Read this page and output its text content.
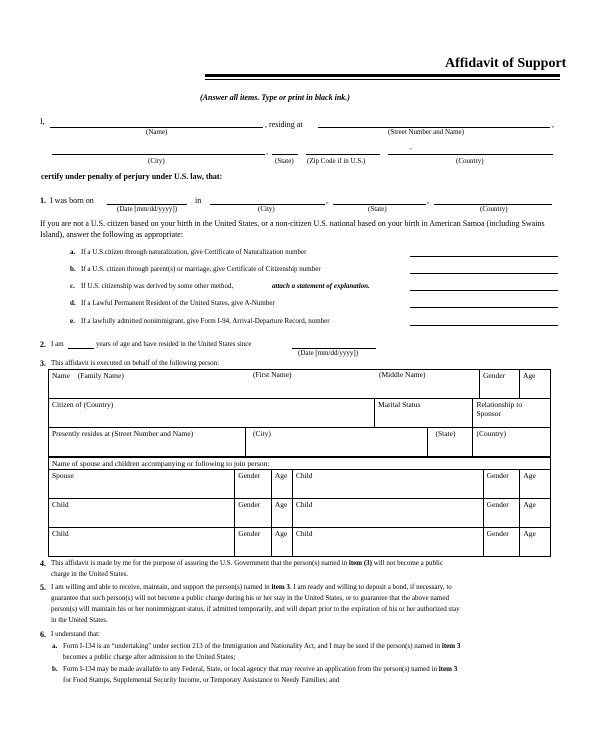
Affidavit of Support
(Answer all items. Type or print in black ink.)
I,	, residing at	,
(Name)	(Street Number and Name)
,	,
(City)	(State) (Zip Code if in U.S.)	(Country)
certify under penalty of perjury under U.S. law, that:
1. I was born on	in	,	,
(Date [mm/dd/yyyy])	(City)	(State)	(Country)
If you are not a U.S. citizen based on your birth in the United States, or a non-citizen U.S. national based on your birth in American Samoa (including Swains Island), answer the following as appropriate:
a. If a U.S.citizen through naturalization, give Certificate of Naturalization number
b. If a U.S. citizen through parent(s) or marriage, give Certificate of Citizenship number
c. If U.S. citizenship was derived by some other method,	attach a statement of explanation.
d. If a Lawful Permanent Resident of the United States, give A-Number
e. If a lawfully admitted nonimmigrant, give Form I-94, Arrival-Departure Record, number
2. I am	years of age and have resided in the United States since
(Date [mm/dd/yyyy])
3. This affidavit is executed on behalf of the following person:
Name (Family Name) (First Name) (Middle Name)					Gender	Age
Citizen of (Country)		Marital Status		Relationship to Sponsor		
Presently resides at (Street Number and Name)	(City)		(State)	(Country)		
Name of spouse and children accompanying or following to join person:					
Spouse	Gender	Age	Child	Gender	Age
Child	Gender	Age	Child	Gender	Age
Child	Gender	Age	Child	Gender	Age
4. This affidavit is made by me for the purpose of assuring the U.S. Government that the person(s) named in item (3) will not become a public
charge in the United States.
5. I am willing and able to receive, maintain, and support the person(s) named in item 3. I am ready and willing to deposit a bond, if necessary, to
guarantee that such person(s) will not become a public charge during his or her stay in the United States, or to guarantee that the above named
person(s) will maintain his or her nonimmigrant status, if admitted temporarily, and will depart prior to the expiration of his or her authorized stay
in the United States.
6. I understand that:
a. Form I-134 is an “undertaking” under section 213 of the Immigration and Nationality Act, and I may be sued if the person(s) named in item 3
becomes a public charge after admission to the United States;
b. Form I-134 may be made available to any Federal, State, or local agency that may receive an application from the person(s) named in item 3
for Food Stamps, Supplemental Security Income, or Temporary Assistance to Needy Families; and
